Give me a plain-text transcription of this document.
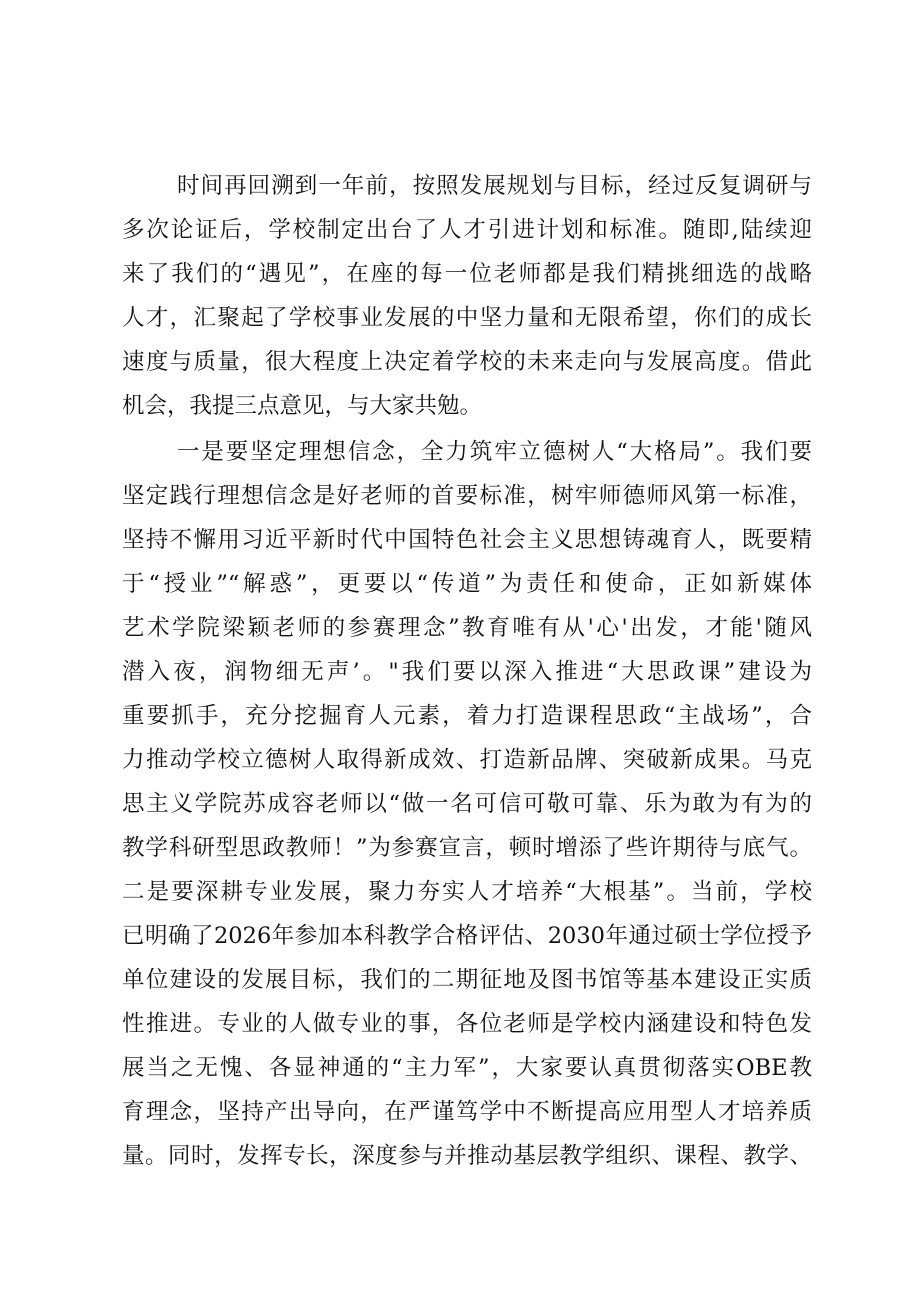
时间再回溯到一年前，按照发展规划与目标，经过反复调研与

多次论证后，学校制定出台了人才引进计划和标准。随即,陆续迎

来了我们的“遇见”，在座的每一位老师都是我们精挑细选的战略

人才，汇聚起了学校事业发展的中坚力量和无限希望，你们的成长

速度与质量，很大程度上决定着学校的未来走向与发展高度。借此

机会，我提三点意见，与大家共勉。

一是要坚定理想信念，全力筑牢立德树人“大格局”。我们要

坚定践行理想信念是好老师的首要标准，树牢师德师风第一标准，

坚持不懈用习近平新时代中国特色社会主义思想铸魂育人，既要精

于“授业”“解惑”，更要以“传道”为责任和使命，正如新媒体

艺术学院梁颖老师的参赛理念”教育唯有从'心'出发，才能'随风

潜入夜，润物细无声’。"我们要以深入推进“大思政课”建设为

重要抓手，充分挖掘育人元素，着力打造课程思政“主战场”，合

力推动学校立德树人取得新成效、打造新品牌、突破新成果。马克

思主义学院苏成容老师以“做一名可信可敬可靠、乐为敢为有为的

教学科研型思政教师！”为参赛宣言，顿时增添了些许期待与底气。

二是要深耕专业发展，聚力夯实人才培养“大根基”。当前，学校

已明确了2026年参加本科教学合格评估、2030年通过硕士学位授予

单位建设的发展目标，我们的二期征地及图书馆等基本建设正实质

性推进。专业的人做专业的事，各位老师是学校内涵建设和特色发

展当之无愧、各显神通的“主力军”，大家要认真贯彻落实OBE教

育理念，坚持产出导向，在严谨笃学中不断提高应用型人才培养质

量。同时，发挥专长，深度参与并推动基层教学组织、课程、教学、
